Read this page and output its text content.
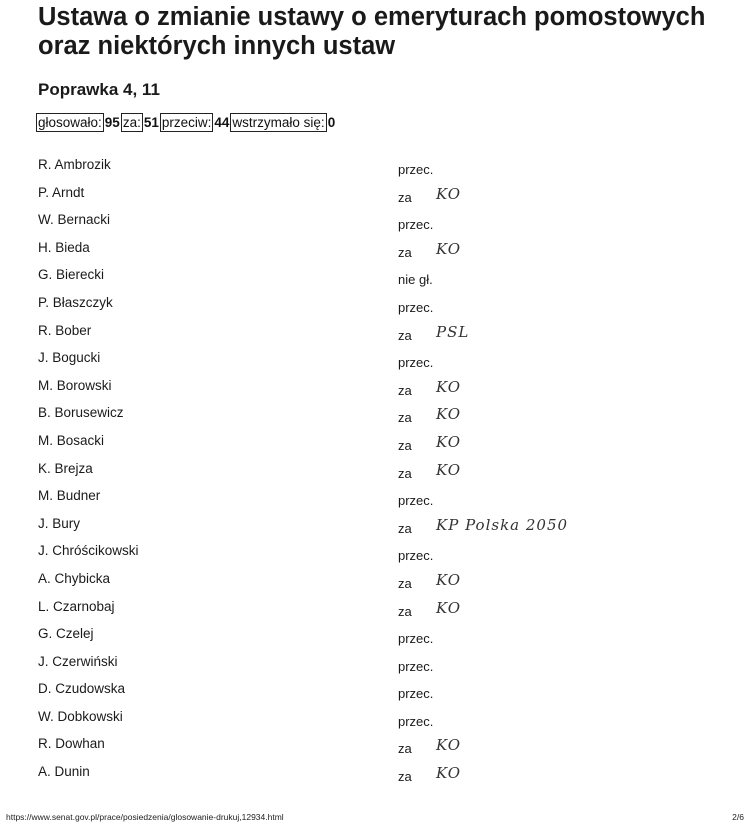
Ustawa o zmianie ustawy o emeryturach pomostowych oraz niektórych innych ustaw
Poprawka 4, 11
głosowało: 95 za: 51 przeciw: 44 wstrzymało się: 0
R. Ambrozik	przec.
P. Arndt	za KO
W. Bernacki	przec.
H. Bieda	za KO
G. Bierecki	nie gł.
P. Błaszczyk	przec.
R. Bober	za PSL
J. Bogucki	przec.
M. Borowski	za KO
B. Borusewicz	za KO
M. Bosacki	za KO
K. Brejza	za KO
M. Budner	przec.
J. Bury	za KP Polska 2050
J. Chróścikowski	przec.
A. Chybicka	za KO
L. Czarnobaj	za KO
G. Czelej	przec.
J. Czerwiński	przec.
D. Czudowska	przec.
W. Dobkowski	przec.
R. Dowhan	za KO
A. Dunin	za KO
https://www.senat.gov.pl/prace/posiedzenia/glosowanie-drukuj,12934.html	2/6
